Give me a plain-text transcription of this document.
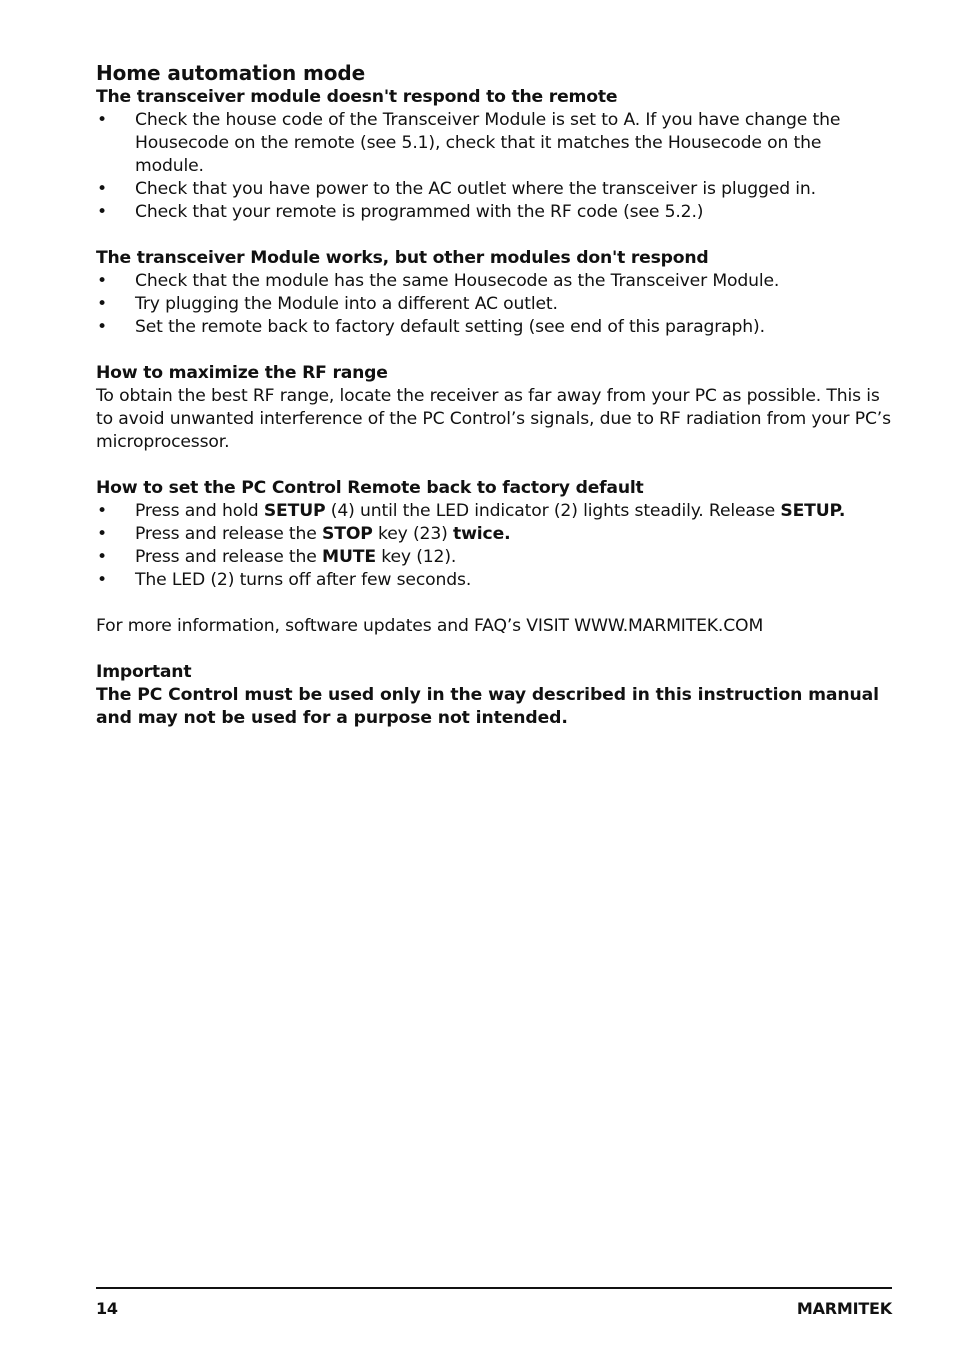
Home automation mode
The transceiver module doesn't respond to the remote
• Check the house code of the Transceiver Module is set to A. If you have change the Housecode on the remote (see 5.1), check that it matches the Housecode on the module.
• Check that you have power to the AC outlet where the transceiver is plugged in.
• Check that your remote is programmed with the RF code (see 5.2.)
The transceiver Module works, but other modules don't respond
• Check that the module has the same Housecode as the Transceiver Module.
• Try plugging the Module into a different AC outlet.
• Set the remote back to factory default setting (see end of this paragraph).
How to maximize the RF range

To obtain the best RF range, locate the receiver as far away from your PC as possible. This is to avoid unwanted interference of the PC Control’s signals, due to RF radiation from your PC’s microprocessor.

How to set the PC Control Remote back to factory default
• Press and hold SETUP (4) until the LED indicator (2) lights steadily. Release SETUP.
• Press and release the STOP key (23) twice.
• Press and release the MUTE key (12).
• The LED (2) turns off after few seconds.

For more information, software updates and FAQ’s VISIT WWW.MARMITEK.COM

Important

The PC Control must be used only in the way described in this instruction manual and may not be used for a purpose not intended.

14	MARMITEK
